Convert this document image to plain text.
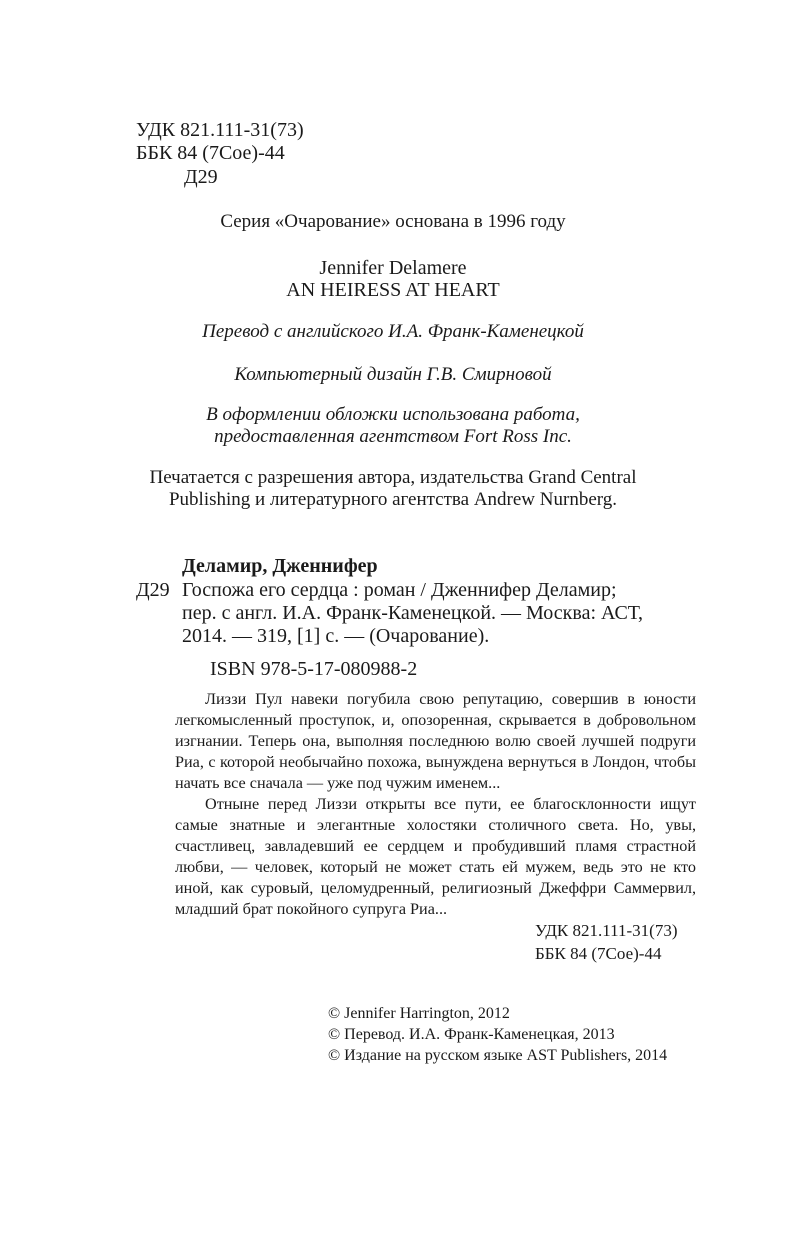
УДК 821.111-31(73)

ББК 84 (7Сое)-44

Д29

Серия «Очарование» основана в 1996 году

Jennifer Delamere

AN HEIRESS AT HEART

Перевод с английского И.А. Франк-Каменецкой

Компьютерный дизайн Г.В. Смирновой

В оформлении обложки использована работа,

предоставленная агентством Fort Ross Inc.

Печатается с разрешения автора, издательства Grand Central

Publishing и литературного агентства Andrew Nurnberg.

Деламир, Дженнифер

Д29 Госпожа его сердца : роман / Дженнифер Деламир;

пер. с англ. И.А. Франк-Каменецкой. — Москва: АСТ,

2014. — 319, [1] с. — (Очарование).

ISBN 978-5-17-080988-2

Лиззи Пул навеки погубила свою репутацию, совершив в юности легкомысленный проступок, и, опозоренная, скрывается в добровольном изгнании. Теперь она, выполняя последнюю волю своей лучшей подруги Риа, с которой необычайно похожа, вынуждена вернуться в Лондон, чтобы начать все сначала — уже под чужим именем...

Отныне перед Лиззи открыты все пути, ее благосклонности ищут самые знатные и элегантные холостяки столичного света. Но, увы, счастливец, завладевший ее сердцем и пробудивший пламя страстной любви, — человек, который не может стать ей мужем, ведь это не кто иной, как суровый, целомудренный, религиозный Джеффри Саммервил, младший брат покойного супруга Риа...

УДК 821.111-31(73)

ББК 84 (7Сое)-44

© Jennifer Harrington, 2012

© Перевод. И.А. Франк-Каменецкая, 2013

© Издание на русском языке AST Publishers, 2014
